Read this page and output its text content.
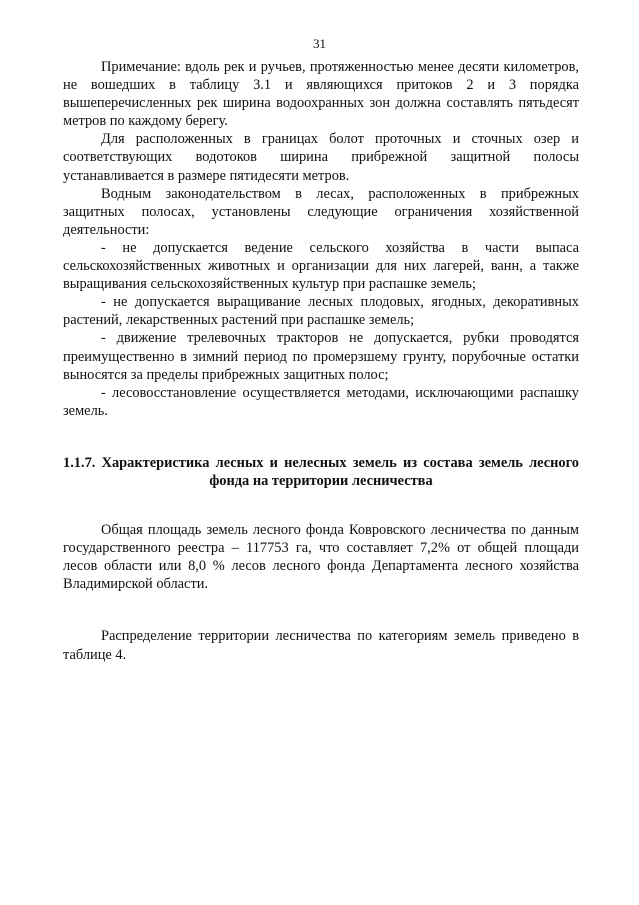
31

Примечание: вдоль рек и ручьев, протяженностью менее десяти километров, не вошедших в таблицу 3.1 и являющихся притоков 2 и 3 порядка вышеперечисленных рек ширина водоохранных зон должна составлять пятьдесят метров по каждому берегу.

Для расположенных в границах болот проточных и сточных озер и соответствующих водотоков ширина прибрежной защитной полосы устанавливается в размере пятидесяти метров.

Водным законодательством в лесах, расположенных в прибрежных защитных полосах, установлены следующие ограничения хозяйственной деятельности:

- не допускается ведение сельского хозяйства в части выпаса сельскохозяйственных животных и организации для них лагерей, ванн, а также выращивания сельскохозяйственных культур при распашке земель;

- не допускается выращивание лесных плодовых, ягодных, декоративных растений, лекарственных растений при распашке земель;

- движение трелевочных тракторов не допускается, рубки проводятся преимущественно в зимний период по промерзшему грунту, порубочные остатки выносятся за пределы прибрежных защитных полос;

- лесовосстановление осуществляется методами, исключающими распашку земель.

1.1.7. Характеристика лесных и нелесных земель из состава земель лесного
фонда на территории лесничества

Общая площадь земель лесного фонда Ковровского лесничества по данным государственного реестра – 117753 га, что составляет 7,2% от общей площади лесов области или 8,0 % лесов лесного фонда Департамента лесного хозяйства Владимирской области.

Распределение территории лесничества по категориям земель приведено в таблице 4.
